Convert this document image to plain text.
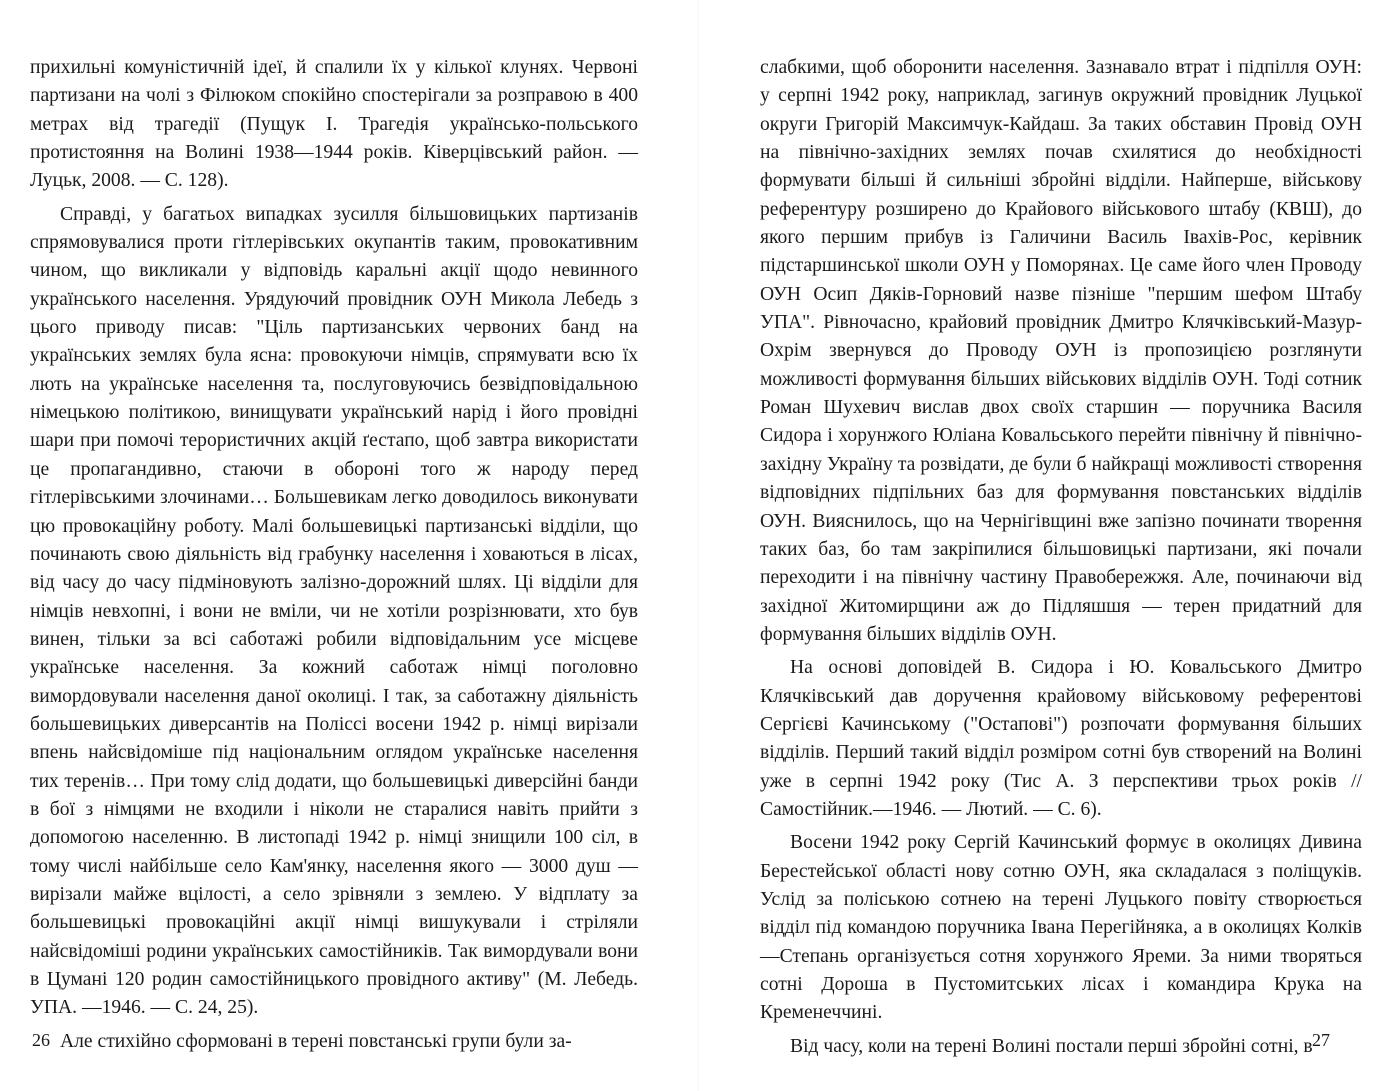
прихильні комуністичній ідеї, й спалили їх у кілької клунях. Червоні партизани на чолі з Філюком спокійно спостерігали за розправою в 400 метрах від трагедії (Пущук І. Трагедія українсько-польського протистояння на Волині 1938—1944 років. Ківерцівський район. — Луцьк, 2008. — С. 128).

Справді, у багатьох випадках зусилля більшовицьких партизанів спрямовувалися проти гітлерівських окупантів таким, провокативним чином, що викликали у відповідь каральні акції щодо невинного українського населення. Урядуючий провідник ОУН Микола Лебедь з цього приводу писав: "Ціль партизанських червоних банд на українських землях була ясна: провокуючи німців, спрямувати всю їх лють на українське населення та, послуговуючись безвідповідальною німецькою політикою, винищувати український нарід і його провідні шари при помочі терористичних акцій ґестапо, щоб завтра використати це пропагандивно, стаючи в обороні того ж народу перед гітлерівськими злочинами… Большевикам легко доводилось виконувати цю провокаційну роботу. Малі большевицькі партизанські відділи, що починають свою діяльність від грабунку населення і ховаються в лісах, від часу до часу підміновують залізно-дорожний шлях. Ці відділи для німців невхопні, і вони не вміли, чи не хотіли розрізнювати, хто був винен, тільки за всі саботажі робили відповідальним усе місцеве українське населення. За кожний саботаж німці поголовно вимордовували населення даної околиці. І так, за саботажну діяльність большевицьких диверсантів на Поліссі восени 1942 р. німці вирізали впень найсвідоміше під національним оглядом українське населення тих теренів… При тому слід додати, що большевицькі диверсійні банди в бої з німцями не входили і ніколи не старалися навіть прийти з допомогою населенню. В листопаді 1942 р. німці знищили 100 сіл, в тому числі найбільше село Кам'янку, населення якого — 3000 душ — вирізали майже вцілості, а село зрівняли з землею. У відплату за большевицькі провокаційні акції німці вишукували і стріляли найсвідоміші родини українських самостійників. Так вимордували вони в Цумані 120 родин самостійницького провідного активу" (М. Лебедь. УПА. —1946. — С. 24, 25).

Але стихійно сформовані в терені повстанські групи були за-

26

слабкими, щоб оборонити населення. Зазнавало втрат і підпілля ОУН: у серпні 1942 року, наприклад, загинув окружний провідник Луцької округи Григорій Максимчук-Кайдаш. За таких обставин Провід ОУН на північно-західних землях почав схилятися до необхідності формувати більші й сильніші збройні відділи. Найперше, військову референтуру розширено до Крайового військового штабу (КВШ), до якого першим прибув із Галичини Василь Івахів-Рос, керівник підстаршинської школи ОУН у Поморянах. Це саме його член Проводу ОУН Осип Дяків-Горновий назве пізніше "першим шефом Штабу УПА". Рівночасно, крайовий провідник Дмитро Клячківський-Мазур-Охрім звернувся до Проводу ОУН із пропозицією розглянути можливості формування більших військових відділів ОУН. Тоді сотник Роман Шухевич вислав двох своїх старшин — поручника Василя Сидора і хорунжого Юліана Ковальського перейти північну й північно-західну Україну та розвідати, де були б найкращі можливості створення відповідних підпільних баз для формування повстанських відділів ОУН. Вияснилось, що на Чернігівщині вже запізно починати творення таких баз, бо там закріпилися більшовицькі партизани, які почали переходити і на північну частину Правобережжя. Але, починаючи від західної Житомирщини аж до Підляшшя — терен придатний для формування більших відділів ОУН.

На основі доповідей В. Сидора і Ю. Ковальського Дмитро Клячківський дав доручення крайовому військовому референтові Сергієві Качинському ("Остапові") розпочати формування більших відділів. Перший такий відділ розміром сотні був створений на Волині уже в серпні 1942 року (Тис А. З перспективи трьох років //Самостійник.—1946. — Лютий. — С. 6).

Восени 1942 року Сергій Качинський формує в околицях Дивина Берестейської області нову сотню ОУН, яка складалася з поліщуків. Услід за поліською сотнею на терені Луцького повіту створюється відділ під командою поручника Івана Перегійняка, а в околицях Колків—Степань організується сотня хорунжого Яреми. За ними творяться сотні Дороша в Пустомитських лісах і командира Крука на Кременеччині.

Від часу, коли на терені Волині постали перші збройні сотні, в 27
